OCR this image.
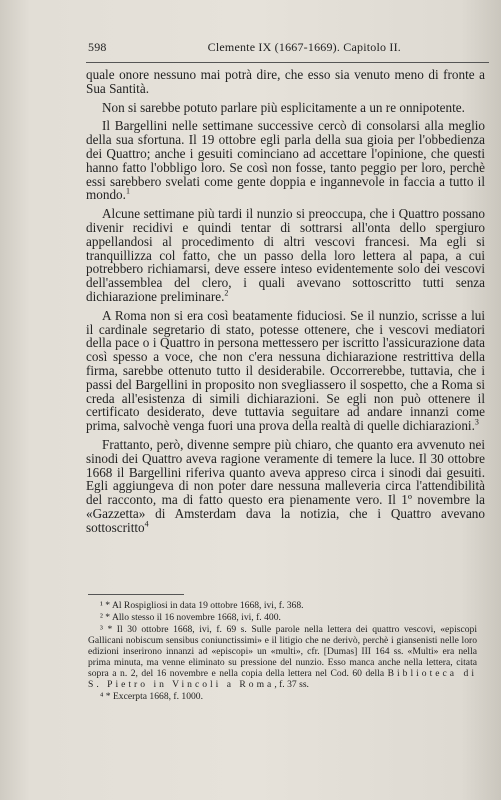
598	Clemente IX (1667-1669). Capitolo II.

quale onore nessuno mai potrà dire, che esso sia venuto meno di fronte a Sua Santità.

Non si sarebbe potuto parlare più esplicitamente a un re onnipotente.

Il Bargellini nelle settimane successive cercò di consolarsi alla meglio della sua sfortuna. Il 19 ottobre egli parla della sua gioia per l'obbedienza dei Quattro; anche i gesuiti cominciano ad accettare l'opinione, che questi hanno fatto l'obbligo loro. Se così non fosse, tanto peggio per loro, perchè essi sarebbero svelati come gente doppia e ingannevole in faccia a tutto il mondo.$^1$

Alcune settimane più tardi il nunzio si preoccupa, che i Quattro possano divenir recidivi e quindi tentar di sottrarsi all'onta dello spergiuro appellandosi al procedimento di altri vescovi francesi. Ma egli si tranquillizza col fatto, che un passo della loro lettera al papa, a cui potrebbero richiamarsi, deve essere inteso evidentemente solo dei vescovi dell'assemblea del clero, i quali avevano sottoscritto tutti senza dichiarazione preliminare.$^2$

A Roma non si era così beatamente fiduciosi. Se il nunzio, scrisse a lui il cardinale segretario di stato, potesse ottenere, che i vescovi mediatori della pace o i Quattro in persona mettessero per iscritto l'assicurazione data così spesso a voce, che non c'era nessuna dichiarazione restrittiva della firma, sarebbe ottenuto tutto il desiderabile. Occorrerebbe, tuttavia, che i passi del Bargellini in proposito non svegliassero il sospetto, che a Roma si creda all'esistenza di simili dichiarazioni. Se egli non può ottenere il certificato desiderato, deve tuttavia seguitare ad andare innanzi come prima, salvochè venga fuori una prova della realtà di quelle dichiarazioni.$^3$

Frattanto, però, divenne sempre più chiaro, che quanto era avvenuto nei sinodi dei Quattro aveva ragione veramente di temere la luce. Il 30 ottobre 1668 il Bargellini riferiva quanto aveva appreso circa i sinodi dai gesuiti. Egli aggiungeva di non poter dare nessuna malleveria circa l'attendibilità del racconto, ma di fatto questo era pienamente vero. Il 1º novembre la «Gazzetta» di Amsterdam dava la notizia, che i Quattro avevano sottoscritto$^4$

¹ * Al Rospigliosi in data 19 ottobre 1668, ivi, f. 368.

² * Allo stesso il 16 novembre 1668, ivi, f. 400.

³ * Il 30 ottobre 1668, ivi, f. 69 s. Sulle parole nella lettera dei quattro vescovi, «episcopi Gallicani nobiscum sensibus coniunctissimi» e il litigio che ne derivò, perchè i giansenisti nelle loro edizioni inserirono innanzi ad «episcopi» un «multi», cfr. [Dumas] III 164 ss. «Multi» era nella prima minuta, ma venne eliminato su pressione del nunzio. Esso manca anche nella lettera, citata sopra a n. 2, del 16 novembre e nella copia della lettera nel Cod. 60 della Biblioteca di S. Pietro in Vincoli a Roma, f. 37 ss.

⁴ * Excerpta 1668, f. 1000.
